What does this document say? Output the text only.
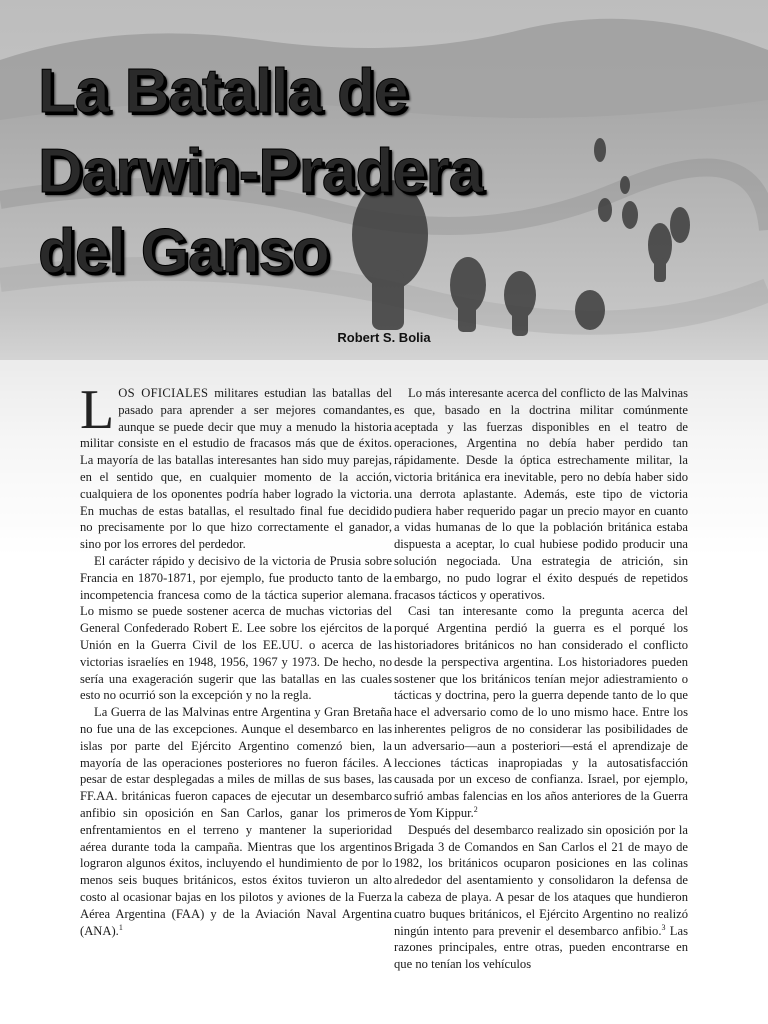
La Batalla de
Darwin-Pradera
del Ganso
Robert S. Bolia

LOS OFICIALES militares estudian las batallas del pasado para aprender a ser mejores comandantes, aunque se puede decir que muy a menudo la historia militar consiste en el estudio de fracasos más que de éxitos. La mayoría de las batallas interesantes han sido muy parejas, en el sentido que, en cualquier momento de la acción, cualquiera de los oponentes podría haber logrado la victoria. En muchas de estas batallas, el resultado final fue decidido no precisamente por lo que hizo correctamente el ganador, sino por los errores del perdedor.

El carácter rápido y decisivo de la victoria de Prusia sobre Francia en 1870-1871, por ejemplo, fue producto tanto de la incompetencia francesa como de la táctica superior alemana. Lo mismo se puede sostener acerca de muchas victorias del General Confederado Robert E. Lee sobre los ejércitos de la Unión en la Guerra Civil de los EE.UU. o acerca de las victorias israelíes en 1948, 1956, 1967 y 1973. De hecho, no sería una exageración sugerir que las batallas en las cuales esto no ocurrió son la excepción y no la regla.

La Guerra de las Malvinas entre Argentina y Gran Bretaña no fue una de las excepciones. Aunque el desembarco en las islas por parte del Ejército Argentino comenzó bien, la mayoría de las operaciones posteriores no fueron fáciles. A pesar de estar desplegadas a miles de millas de sus bases, las FF.AA. británicas fueron capaces de ejecutar un desembarco anfibio sin oposición en San Carlos, ganar los primeros enfrentamientos en el terreno y mantener la superioridad aérea durante toda la campaña. Mientras que los argentinos lograron algunos éxitos, incluyendo el hundimiento de por lo menos seis buques británicos, estos éxitos tuvieron un alto costo al ocasionar bajas en los pilotos y aviones de la Fuerza Aérea Argentina (FAA) y de la Aviación Naval Argentina (ANA).$^1$

Lo más interesante acerca del conflicto de las Malvinas es que, basado en la doctrina militar comúnmente aceptada y las fuerzas disponibles en el teatro de operaciones, Argentina no debía haber perdido tan rápidamente. Desde la óptica estrechamente militar, la victoria británica era inevitable, pero no debía haber sido una derrota aplastante. Además, este tipo de victoria pudiera haber requerido pagar un precio mayor en cuanto a vidas humanas de lo que la población británica estaba dispuesta a aceptar, lo cual hubiese podido producir una solución negociada. Una estrategia de atrición, sin embargo, no pudo lograr el éxito después de repetidos fracasos tácticos y operativos.

Casi tan interesante como la pregunta acerca del porqué Argentina perdió la guerra es el porqué los historiadores británicos no han considerado el conflicto desde la perspectiva argentina. Los historiadores pueden sostener que los británicos tenían mejor adiestramiento o tácticas y doctrina, pero la guerra depende tanto de lo que hace el adversario como de lo uno mismo hace. Entre los inherentes peligros de no considerar las posibilidades de un adversario—aun a posteriori—está el aprendizaje de lecciones tácticas inapropiadas y la autosatisfacción causada por un exceso de confianza. Israel, por ejemplo, sufrió ambas falencias en los años anteriores de la Guerra de Yom Kippur.$^2$

Después del desembarco realizado sin oposición por la Brigada 3 de Comandos en San Carlos el 21 de mayo de 1982, los británicos ocuparon posiciones en las colinas alrededor del asentamiento y consolidaron la defensa de la cabeza de playa. A pesar de los ataques que hundieron cuatro buques británicos, el Ejército Argentino no realizó ningún intento para prevenir el desembarco anfibio.$^3$ Las razones principales, entre otras, pueden encontrarse en que no tenían los vehículos
